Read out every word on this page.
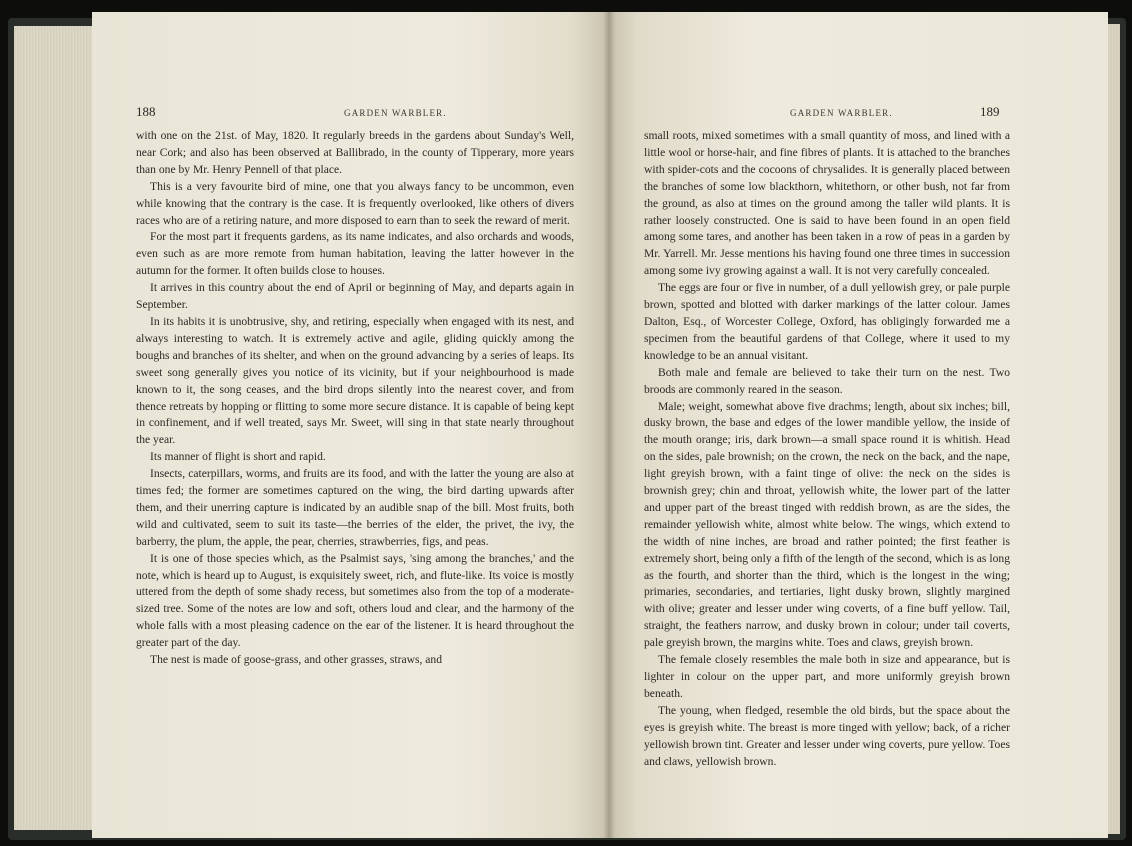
188	GARDEN WARBLER.

with one on the 21st. of May, 1820. It regularly breeds in the gardens about Sunday's Well, near Cork; and also has been observed at Ballibrado, in the county of Tipperary, more years than one by Mr. Henry Pennell of that place.

This is a very favourite bird of mine, one that you always fancy to be uncommon, even while knowing that the contrary is the case. It is frequently overlooked, like others of divers races who are of a retiring nature, and more disposed to earn than to seek the reward of merit.

For the most part it frequents gardens, as its name indicates, and also orchards and woods, even such as are more remote from human habitation, leaving the latter however in the autumn for the former. It often builds close to houses.

It arrives in this country about the end of April or beginning of May, and departs again in September.

In its habits it is unobtrusive, shy, and retiring, especially when engaged with its nest, and always interesting to watch. It is extremely active and agile, gliding quickly among the boughs and branches of its shelter, and when on the ground advancing by a series of leaps. Its sweet song generally gives you notice of its vicinity, but if your neighbourhood is made known to it, the song ceases, and the bird drops silently into the nearest cover, and from thence retreats by hopping or flitting to some more secure distance. It is capable of being kept in confinement, and if well treated, says Mr. Sweet, will sing in that state nearly throughout the year.

Its manner of flight is short and rapid.

Insects, caterpillars, worms, and fruits are its food, and with the latter the young are also at times fed; the former are sometimes captured on the wing, the bird darting upwards after them, and their unerring capture is indicated by an audible snap of the bill. Most fruits, both wild and cultivated, seem to suit its taste—the berries of the elder, the privet, the ivy, the barberry, the plum, the apple, the pear, cherries, strawberries, figs, and peas.

It is one of those species which, as the Psalmist says, 'sing among the branches,' and the note, which is heard up to August, is exquisitely sweet, rich, and flute-like. Its voice is mostly uttered from the depth of some shady recess, but sometimes also from the top of a moderate-sized tree. Some of the notes are low and soft, others loud and clear, and the harmony of the whole falls with a most pleasing cadence on the ear of the listener. It is heard throughout the greater part of the day.

The nest is made of goose-grass, and other grasses, straws, and

GARDEN WARBLER.	189

small roots, mixed sometimes with a small quantity of moss, and lined with a little wool or horse-hair, and fine fibres of plants. It is attached to the branches with spider-cots and the cocoons of chrysalides. It is generally placed between the branches of some low blackthorn, whitethorn, or other bush, not far from the ground, as also at times on the ground among the taller wild plants. It is rather loosely constructed. One is said to have been found in an open field among some tares, and another has been taken in a row of peas in a garden by Mr. Yarrell. Mr. Jesse mentions his having found one three times in succession among some ivy growing against a wall. It is not very carefully concealed.

The eggs are four or five in number, of a dull yellowish grey, or pale purple brown, spotted and blotted with darker markings of the latter colour. James Dalton, Esq., of Worcester College, Oxford, has obligingly forwarded me a specimen from the beautiful gardens of that College, where it used to my knowledge to be an annual visitant.

Both male and female are believed to take their turn on the nest. Two broods are commonly reared in the season.

Male; weight, somewhat above five drachms; length, about six inches; bill, dusky brown, the base and edges of the lower mandible yellow, the inside of the mouth orange; iris, dark brown—a small space round it is whitish. Head on the sides, pale brownish; on the crown, the neck on the back, and the nape, light greyish brown, with a faint tinge of olive: the neck on the sides is brownish grey; chin and throat, yellowish white, the lower part of the latter and upper part of the breast tinged with reddish brown, as are the sides, the remainder yellowish white, almost white below. The wings, which extend to the width of nine inches, are broad and rather pointed; the first feather is extremely short, being only a fifth of the length of the second, which is as long as the fourth, and shorter than the third, which is the longest in the wing; primaries, secondaries, and tertiaries, light dusky brown, slightly margined with olive; greater and lesser under wing coverts, of a fine buff yellow. Tail, straight, the feathers narrow, and dusky brown in colour; under tail coverts, pale greyish brown, the margins white. Toes and claws, greyish brown.

The female closely resembles the male both in size and appearance, but is lighter in colour on the upper part, and more uniformly greyish brown beneath.

The young, when fledged, resemble the old birds, but the space about the eyes is greyish white. The breast is more tinged with yellow; back, of a richer yellowish brown tint. Greater and lesser under wing coverts, pure yellow. Toes and claws, yellowish brown.
